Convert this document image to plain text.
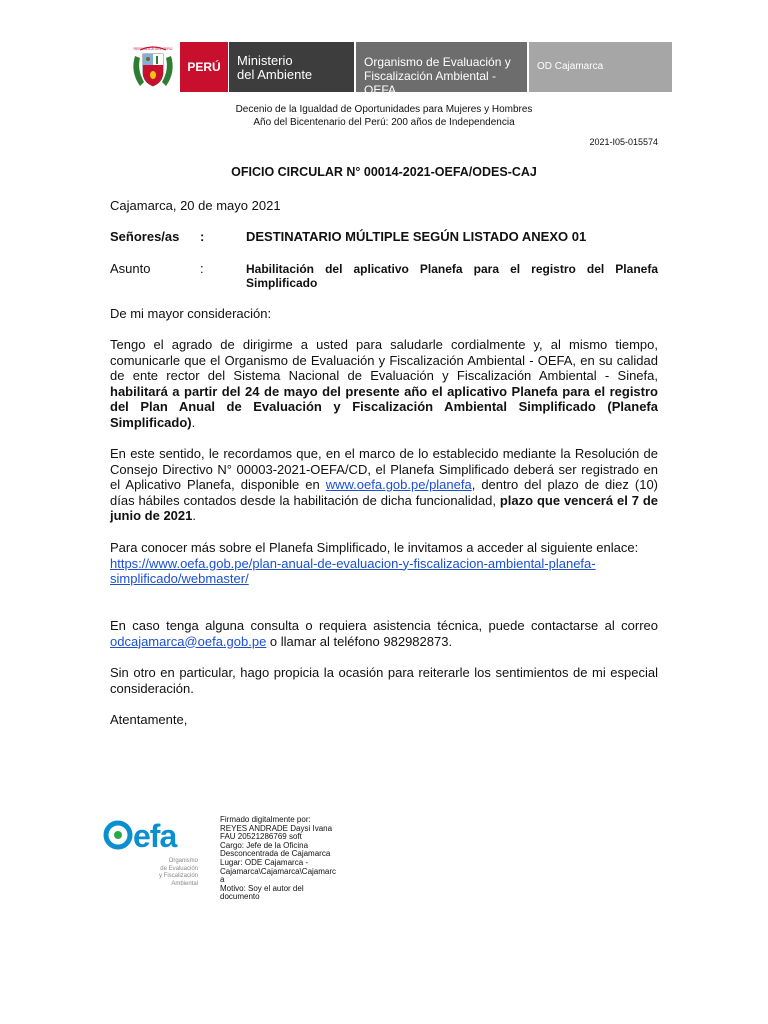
REPÚBLICA DEL PERÚ
PERÚ	Ministerio
del Ambiente
Organismo de Evaluación y
Fiscalización Ambiental - OEFA
OD Cajamarca
Decenio de la Igualdad de Oportunidades para Mujeres y Hombres
Año del Bicentenario del Perú: 200 años de Independencia
2021-I05-015574
OFICIO CIRCULAR N° 00014-2021-OEFA/ODES-CAJ
Cajamarca, 20 de mayo 2021
Señores/as :	DESTINATARIO MÚLTIPLE SEGÚN LISTADO ANEXO 01
Asunto	:	Habilitación del aplicativo Planefa para el registro del Planefa
Simplificado
De mi mayor consideración:
Tengo el agrado de dirigirme a usted para saludarle cordialmente y, al mismo tiempo, comunicarle que el Organismo de Evaluación y Fiscalización Ambiental - OEFA, en su calidad de ente rector del Sistema Nacional de Evaluación y Fiscalización Ambiental - Sinefa, habilitará a partir del 24 de mayo del presente año el aplicativo Planefa para el registro del Plan Anual de Evaluación y Fiscalización Ambiental Simplificado (Planefa Simplificado).
En este sentido, le recordamos que, en el marco de lo establecido mediante la Resolución de Consejo Directivo N° 00003-2021-OEFA/CD, el Planefa Simplificado deberá ser registrado en el Aplicativo Planefa, disponible en www.oefa.gob.pe/planefa, dentro del plazo de diez (10) días hábiles contados desde la habilitación de dicha funcionalidad, plazo que vencerá el 7 de junio de 2021.
Para conocer más sobre el Planefa Simplificado, le invitamos a acceder al siguiente enlace:
https://www.oefa.gob.pe/plan-anual-de-evaluacion-y-fiscalizacion-ambiental-planefa-
simplificado/webmaster/
En caso tenga alguna consulta o requiera asistencia técnica, puede contactarse al correo odcajamarca@oefa.gob.pe o llamar al teléfono 982982873.
Sin otro en particular, hago propicia la ocasión para reiterarle los sentimientos de mi especial consideración.
Atentamente,
efa
Organismo
de Evaluación
y Fiscalización
Ambiental
Firmado digitalmente por:
REYES ANDRADE Daysi Ivana
FAU 20521286769 soft
Cargo: Jefe de la Oficina
Desconcentrada de Cajamarca
Lugar: ODE Cajamarca -
Cajamarca\Cajamarca\Cajamarc
a
Motivo: Soy el autor del
documento
